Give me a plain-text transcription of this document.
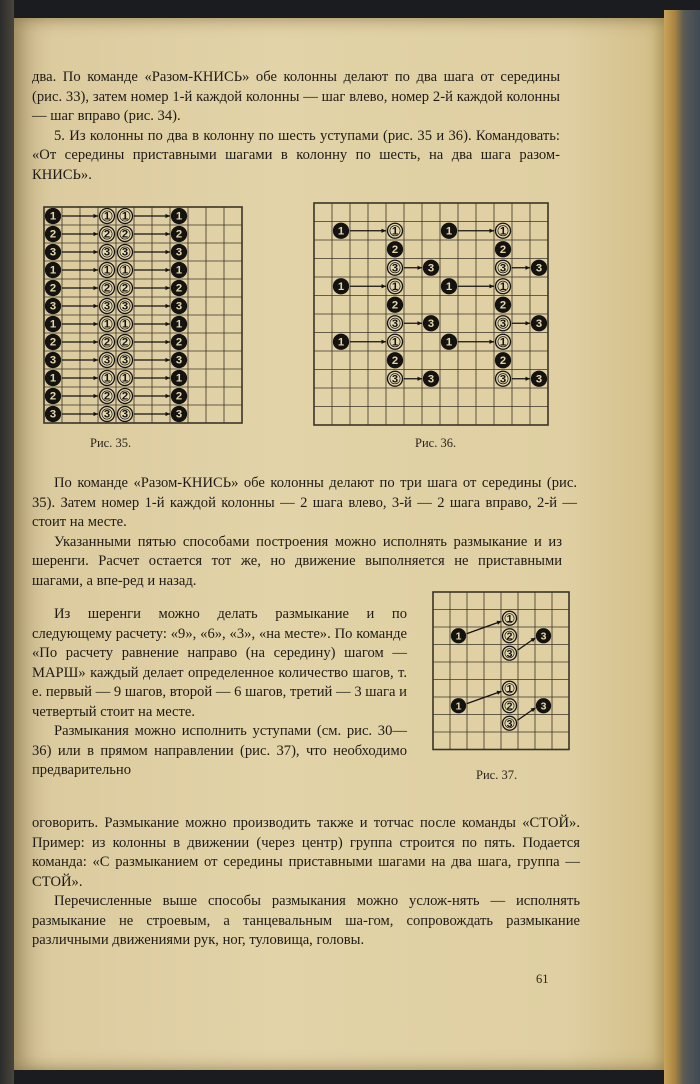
два. По команде «Разом-КНИСЬ» обе колонны делают по два шага от середины (рис. 33), затем номер 1-й каждой колонны — шаг влево, номер 2-й каждой колонны — шаг вправо (рис. 34).

5. Из колонны по два в колонну по шесть уступами (рис. 35 и 36). Командовать: «От середины приставными шагами в колонну по шесть, на два шага разом-КНИСЬ».

1	1 1	1
2	2 2	2
3	3 3	3
1	1 1	1
2	2 2	2
3	3 3	3
1	1 1	1
2	2 2	2
3	3 3	3
1	1 1	1
2	2 2	2
3	3 3	3
Рис. 35.
1	1
2
3	3
1	1
2
3	3
1	1
2
3	3
1	1
2
3	3
1	1
2
3	3
1	1
2
3	3
Рис. 36.

По команде «Разом-КНИСЬ» обе колонны делают по три шага от середины (рис. 35). Затем номер 1-й каждой колонны — 2 шага влево, 3-й — 2 шага вправо, 2-й — стоит на месте.

Указанными пятью способами построения можно исполнять размыкание и из шеренги. Расчет остается тот же, но движение выполняется не приставными шагами, а впе-ред и назад.

Из шеренги можно делать размыкание и по следующему расчету: «9», «6», «3», «на месте». По команде «По расчету равнение направо (на середину) шагом — МАРШ» каждый делает определенное количество шагов, т. е. первый — 9 шагов, второй — 6 шагов, третий — 3 шага и четвертый стоит на месте.

Размыкания можно исполнить уступами (см. рис. 30—36) или в прямом направлении (рис. 37), что необходимо предварительно

1
2
3
1	3
1
2
3
1	3
Рис. 37.

оговорить. Размыкание можно производить также и тотчас после команды «СТОЙ». Пример: из колонны в движении (через центр) группа строится по пять. Подается команда: «С размыканием от середины приставными шагами на два шага, группа — СТОЙ».

Перечисленные выше способы размыкания можно услож-нять — исполнять размыкание не строевым, а танцевальным ша-гом, сопровождать размыкание различными движениями рук, ног, туловища, головы.

61
